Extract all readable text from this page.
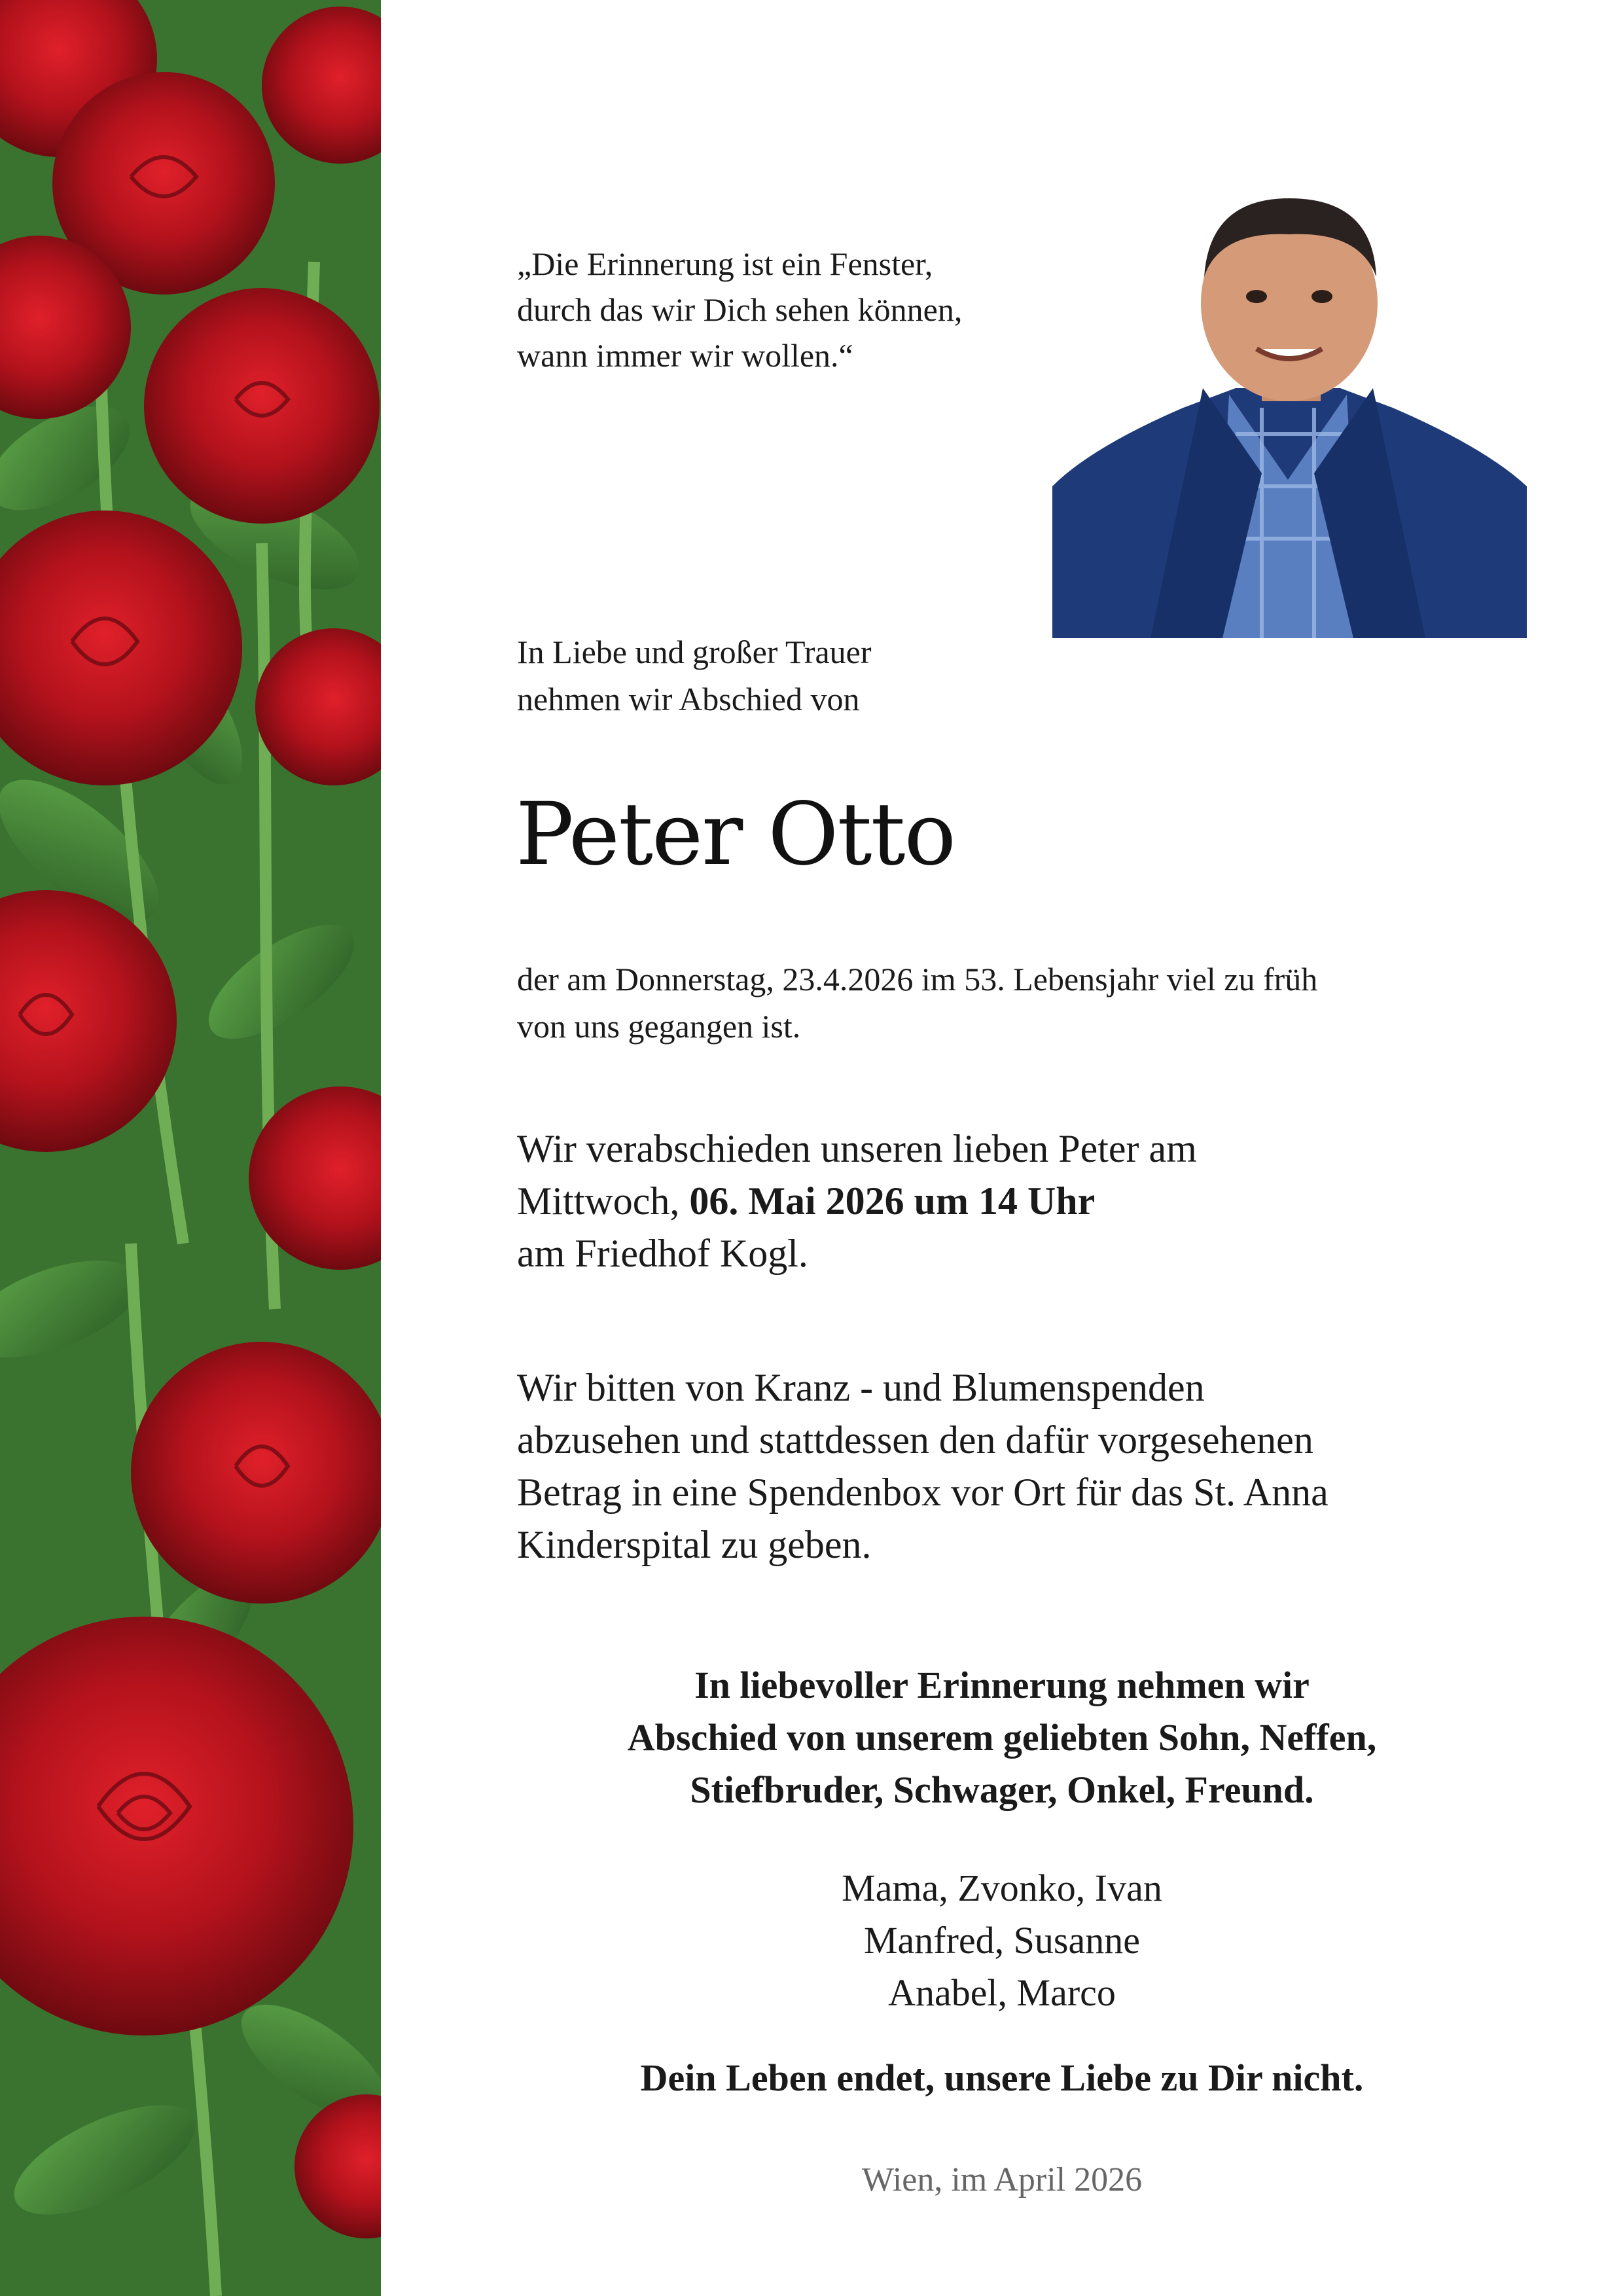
„Die Erinnerung ist ein Fenster,
durch das wir Dich sehen können,
wann immer wir wollen.“
In Liebe und großer Trauer
nehmen wir Abschied von
Peter Otto
der am Donnerstag, 23.4.2026 im 53. Lebensjahr viel zu früh
von uns gegangen ist.
Wir verabschieden unseren lieben Peter am
Mittwoch, 06. Mai 2026 um 14 Uhr
am Friedhof Kogl.
Wir bitten von Kranz - und Blumenspenden
abzusehen und stattdessen den dafür vorgesehenen
Betrag in eine Spendenbox vor Ort für das St. Anna
Kinderspital zu geben.
In liebevoller Erinnerung nehmen wir
Abschied von unserem geliebten Sohn, Neffen,
Stiefbruder, Schwager, Onkel, Freund.
Mama, Zvonko, Ivan
Manfred, Susanne
Anabel, Marco
Dein Leben endet, unsere Liebe zu Dir nicht.
Wien, im April 2026
